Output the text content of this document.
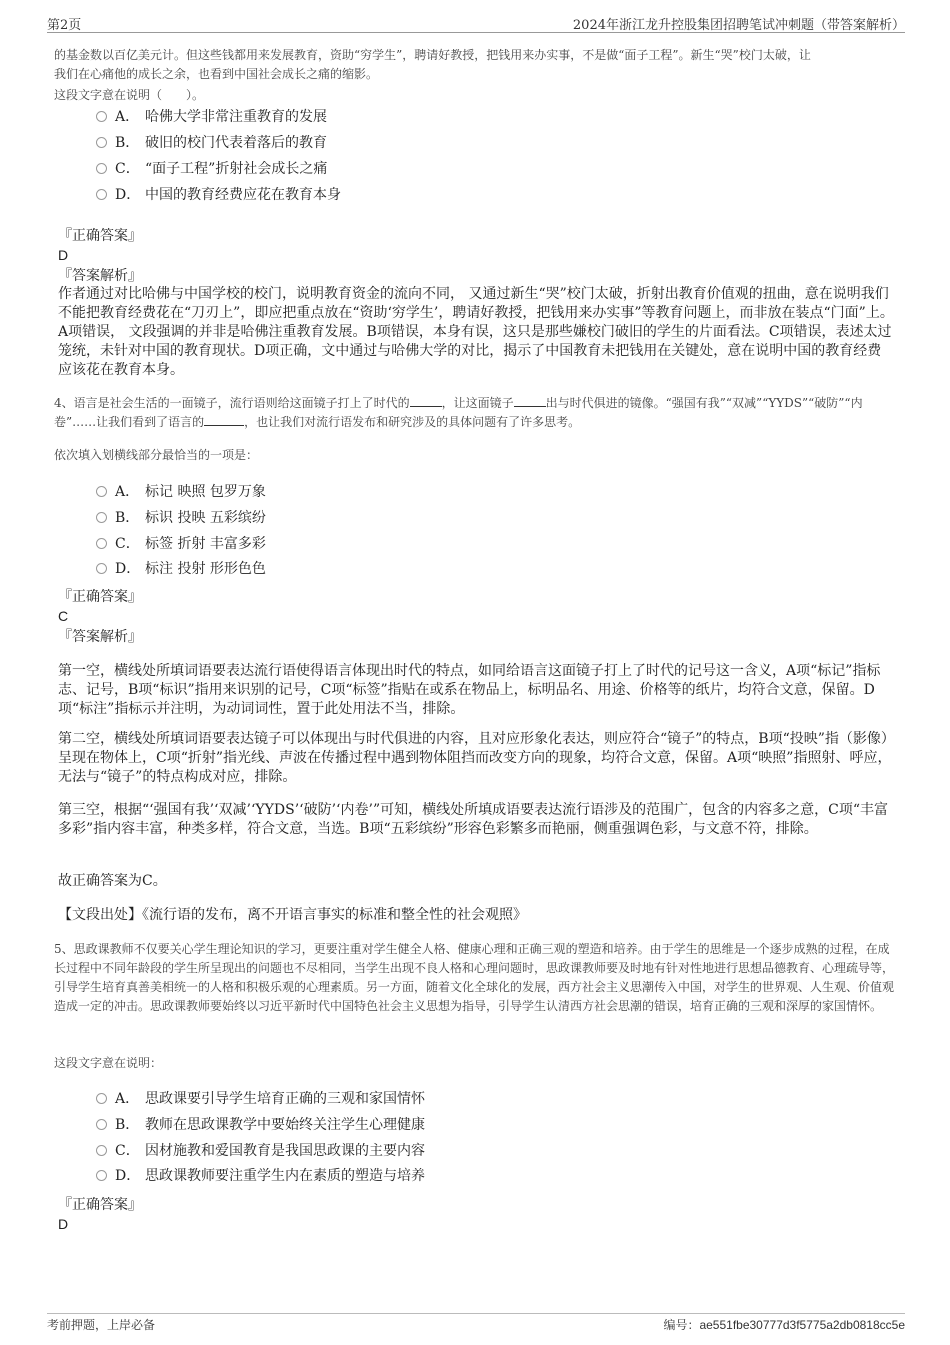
第2页	2024年浙江龙升控股集团招聘笔试冲刺题（带答案解析）

的基金数以百亿美元计。但这些钱都用来发展教育，资助“穷学生”，聘请好教授，把钱用来办实事，不是做“面子工程”。新生“哭”校门太破，让
我们在心痛他的成长之余，也看到中国社会成长之痛的缩影。

这段文字意在说明（　　）。

A． 哈佛大学非常注重教育的发展
B． 破旧的校门代表着落后的教育
C． “面子工程”折射社会成长之痛
D． 中国的教育经费应花在教育本身
『正确答案』
D
『答案解析』

作者通过对比哈佛与中国学校的校门，说明教育资金的流向不同， 又通过新生“哭”校门太破，折射出教育价值观的扭曲，意在说明我们不能把教育经费花在“刀刃上”，即应把重点放在“资助‘穷学生’，聘请好教授，把钱用来办实事”等教育问题上，而非放在装点“门面”上。A项错误， 文段强调的并非是哈佛注重教育发展。B项错误，本身有误，这只是那些嫌校门破旧的学生的片面看法。C项错误，表述太过笼统，未针对中国的教育现状。D项正确，文中通过与哈佛大学的对比，揭示了中国教育未把钱用在关键处，意在说明中国的教育经费应该花在教育本身。

4、语言是社会生活的一面镜子，流行语则给这面镜子打上了时代的	，让这面镜子	出与时代俱进的镜像。“强国有我”“双减”“YYDS”“破防”“内卷”……让我们看到了语言的	，也让我们对流行语发布和研究涉及的具体问题有了许多思考。

依次填入划横线部分最恰当的一项是：

A． 标记 映照 包罗万象
B． 标识 投映 五彩缤纷
C． 标签 折射 丰富多彩
D． 标注 投射 形形色色
『正确答案』
C
『答案解析』

第一空，横线处所填词语要表达流行语使得语言体现出时代的特点，如同给语言这面镜子打上了时代的记号这一含义，A项“标记”指标志、记号，B项“标识”指用来识别的记号，C项“标签”指贴在或系在物品上，标明品名、用途、价格等的纸片，均符合文意，保留。D项“标注”指标示并注明，为动词词性，置于此处用法不当，排除。

第二空，横线处所填词语要表达镜子可以体现出与时代俱进的内容，且对应形象化表达，则应符合“镜子”的特点，B项“投映”指（影像）呈现在物体上，C项“折射”指光线、声波在传播过程中遇到物体阻挡而改变方向的现象，均符合文意，保留。A项“映照”指照射、呼应，无法与“镜子”的特点构成对应，排除。

第三空，根据“‘强国有我’‘双减’‘YYDS’‘破防’‘内卷’”可知，横线处所填成语要表达流行语涉及的范围广，包含的内容多之意，C项“丰富多彩”指内容丰富，种类多样，符合文意，当选。B项“五彩缤纷”形容色彩繁多而艳丽，侧重强调色彩，与文意不符，排除。

故正确答案为C。

【文段出处】《流行语的发布，离不开语言事实的标准和整全性的社会观照》

5、思政课教师不仅要关心学生理论知识的学习，更要注重对学生健全人格、健康心理和正确三观的塑造和培养。由于学生的思维是一个逐步成熟的过程，在成长过程中不同年龄段的学生所呈现出的问题也不尽相同，当学生出现不良人格和心理问题时，思政课教师要及时地有针对性地进行思想品德教育、心理疏导等，引导学生培育真善美相统一的人格和积极乐观的心理素质。另一方面，随着文化全球化的发展，西方社会主义思潮传入中国，对学生的世界观、人生观、价值观造成一定的冲击。思政课教师要始终以习近平新时代中国特色社会主义思想为指导，引导学生认清西方社会思潮的错误，培育正确的三观和深厚的家国情怀。

这段文字意在说明：

A． 思政课要引导学生培育正确的三观和家国情怀
B． 教师在思政课教学中要始终关注学生心理健康
C． 因材施教和爱国教育是我国思政课的主要内容
D． 思政课教师要注重学生内在素质的塑造与培养
『正确答案』
D
考前押题，上岸必备	编号：ae551fbe30777d3f5775a2db0818cc5e
